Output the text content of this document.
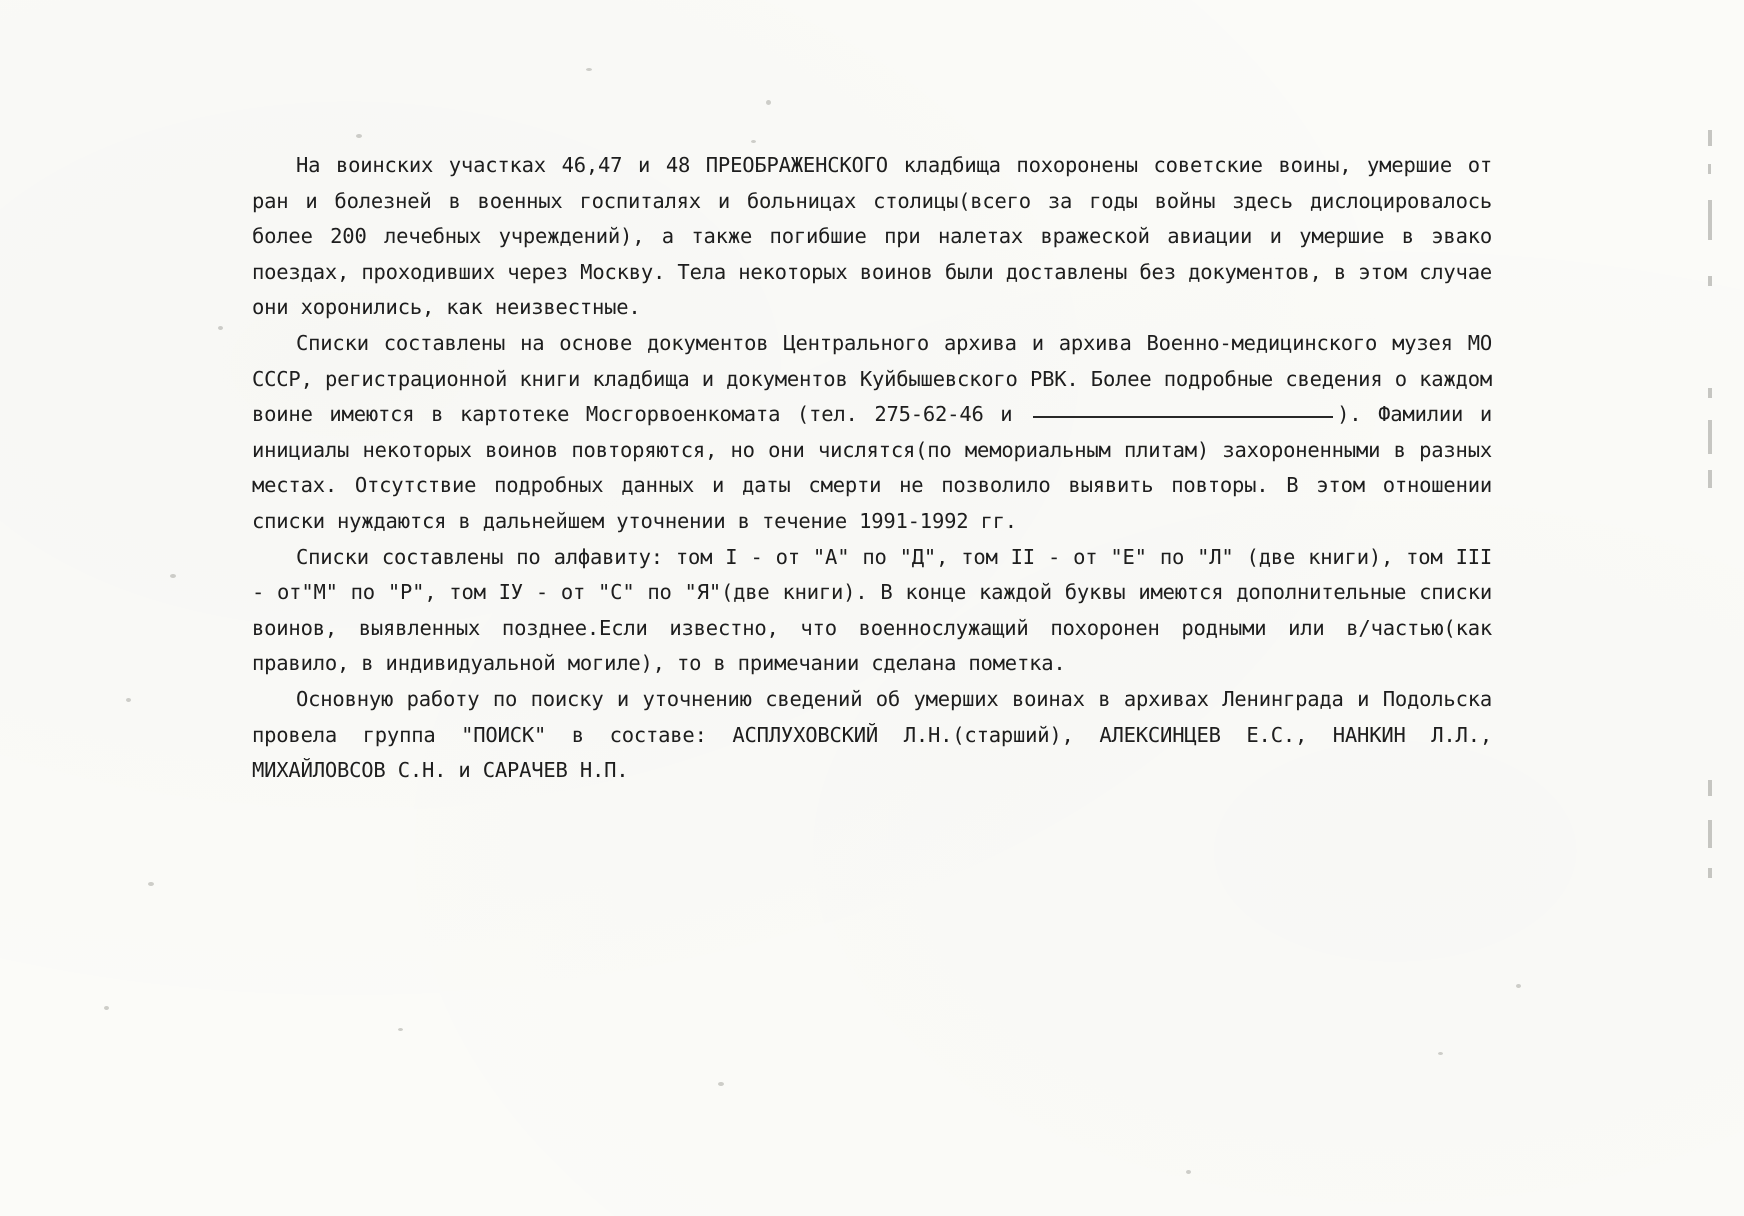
На воинских участках 46,47 и 48 ПРЕОБРАЖЕНСКОГО кладбища похоронены советские воины, умершие от ран и болезней в военных госпиталях и больницах столицы(всего за годы войны здесь дислоцировалось более 200 лечебных учреждений), а также погибшие при налетах вражеской авиации и умершие в эвако поездах, проходивших через Москву. Тела некоторых воинов были доставлены без документов, в этом случае они хоронились, как неизвестные.

Списки составлены на основе документов Центрального архива и архива Военно-медицинского музея МО СССР, регистрационной книги кладбища и документов Куйбышевского РВК. Более подробные сведения о каждом воине имеются в картотеке Мосгорвоенкомата (тел. 275-62-46 и	). Фамилии и инициалы некоторых воинов повторяются, но они числятся(по мемориальным плитам) захороненными в разных местах. Отсутствие подробных данных и даты смерти не позволило выявить повторы. В этом отношении списки нуждаются в дальнейшем уточнении в течение 1991-1992 гг.

Списки составлены по алфавиту: том I - от "А" по "Д", том II - от "Е" по "Л" (две книги), том III - от"М" по "Р", том IУ - от "С" по "Я"(две книги). В конце каждой буквы имеются дополнительные списки воинов, выявленных позднее.Если известно, что военнослужащий похоронен родными или в/частью(как правило, в индивидуальной могиле), то в примечании сделана пометка.

Основную работу по поиску и уточнению сведений об умерших воинах в архивах Ленинграда и Подольска провела группа "ПОИСК" в составе: АСПЛУХОВСКИЙ Л.Н.(старший), АЛЕКСИНЦЕВ Е.С., НАНКИН Л.Л., МИХАЙЛОВСОВ С.Н. и САРАЧЕВ Н.П.
